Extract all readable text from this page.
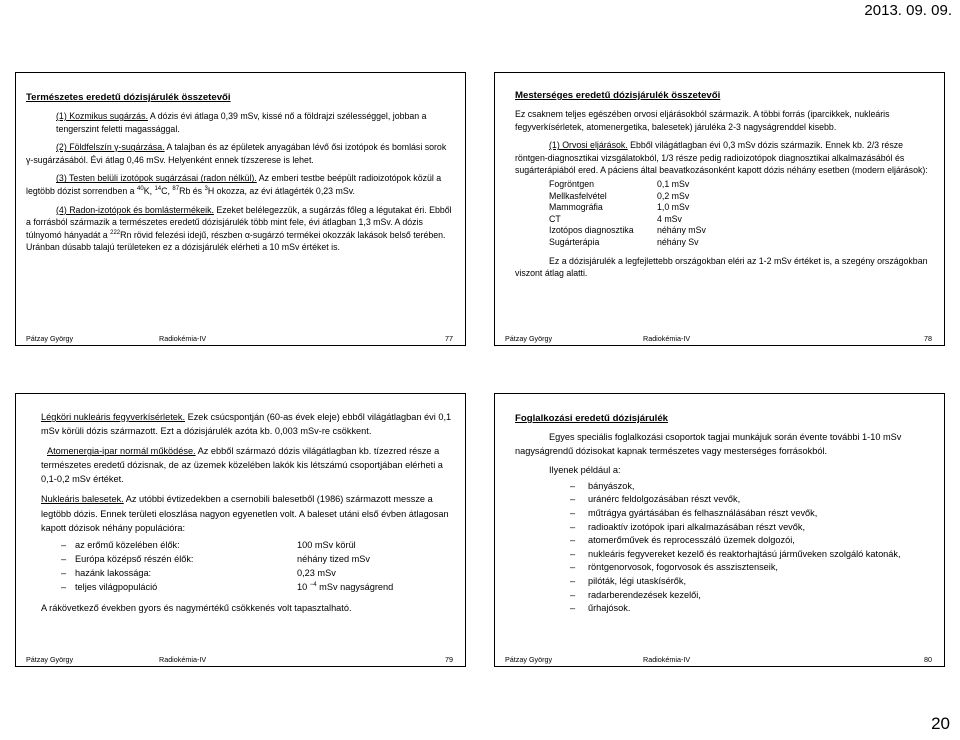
2013. 09. 09.
Természetes eredetű dózisjárulék összetevői

(1) Kozmikus sugárzás. A dózis évi átlaga 0,39 mSv, kissé nő a földrajzi szélességgel, jobban a tengerszint feletti magassággal.

(2) Földfelszín γ-sugárzása. A talajban és az épületek anyagában lévő ősi izotópok és bomlási sorok γ-sugárzásából. Évi átlag 0,46 mSv. Helyenként ennek tízszerese is lehet.

(3) Testen belüli izotópok sugárzásai (radon nélkül). Az emberi testbe beépült radioizotópok közül a legtöbb dózist sorrendben a $^{40}$K, $^{14}$C, $^{87}$Rb és $^3$H okozza, az évi átlagérték 0,23 mSv.

(4) Radon-izotópok és bomlástermékeik. Ezeket belélegezzük, a sugárzás főleg a légutakat éri. Ebből a forrásból származik a természetes eredetű dózisjárulék több mint fele, évi átlagban 1,3 mSv. A dózis túlnyomó hányadát a $^{222}$Rn rövid felezési idejű, részben α-sugárzó termékei okozzák lakások belső terében. Uránban dúsabb talajú területeken ez a dózisjárulék elérheti a 10 mSv értéket is.

Pátzay György	Radiokémia-IV	77
Mesterséges eredetű dózisjárulék összetevői

Ez csaknem teljes egészében orvosi eljárásokból származik. A többi forrás (iparcikkek, nukleáris fegyverkísérletek, atomenergetika, balesetek) járuléka 2-3 nagyságrenddel kisebb.

(1) Orvosi eljárások. Ebből világátlagban évi 0,3 mSv dózis származik. Ennek kb. 2/3 része röntgen-diagnosztikai vizsgálatokból, 1/3 része pedig radioizotópok diagnosztikai alkalmazásából és sugárterápiából ered. A páciens által beavatkozásonként kapott dózis néhány esetben (modern eljárások):

Fogröntgen	0,1 mSv
Mellkasfelvétel	0,2 mSv
Mammográfia	1,0 mSv
CT	4 mSv
Izotópos diagnosztika	néhány mSv
Sugárterápia	néhány Sv

Ez a dózisjárulék a legfejlettebb országokban eléri az 1-2 mSv értéket is, a szegény országokban viszont átlag alatti.

Pátzay György	Radiokémia-IV	78

Légköri nukleáris fegyverkísérletek. Ezek csúcspontján (60-as évek eleje) ebből világátlagban évi 0,1 mSv körüli dózis származott. Ezt a dózisjárulék azóta kb. 0,003 mSv-re csökkent.

Atomenergia-ipar normál működése. Az ebből származó dózis világátlagban kb. tízezred része a természetes eredetű dózisnak, de az üzemek közelében lakók kis létszámú csoportjában elérheti a 0,1-0,2 mSv értéket.

Nukleáris balesetek. Az utóbbi évtizedekben a csernobili balesetből (1986) származott messze a legtöbb dózis. Ennek területi eloszlása nagyon egyenetlen volt. A baleset utáni első évben átlagosan kapott dózisok néhány populációra:

–	az erőmű közelében élők:	100 mSv körül
–	Európa középső részén élők:	néhány tized mSv
–	hazánk lakossága:	0,23 mSv
–	teljes világpopuláció	10 $^{-4}$ mSv nagyságrend

A rákövetkező években gyors és nagymértékű csökkenés volt tapasztalható.

Pátzay György	Radiokémia-IV	79
Foglalkozási eredetű dózisjárulék

Egyes speciális foglalkozási csoportok tagjai munkájuk során évente további 1-10 mSv nagyságrendű dózisokat kapnak természetes vagy mesterséges forrásokból.

Ilyenek például a:

– bányászok,
– uránérc feldolgozásában részt vevők,
– műtrágya gyártásában és felhasználásában részt vevők,
– radioaktív izotópok ipari alkalmazásában részt vevők,
– atomerőművek és reprocesszáló üzemek dolgozói,
– nukleáris fegyvereket kezelő és reaktorhajtású járműveken szolgáló katonák,
– röntgenorvosok, fogorvosok és asszisztenseik,
– pilóták, légi utaskísérők,
– radarberendezések kezelői,
– űrhajósok.
Pátzay György	Radiokémia-IV	80
20
